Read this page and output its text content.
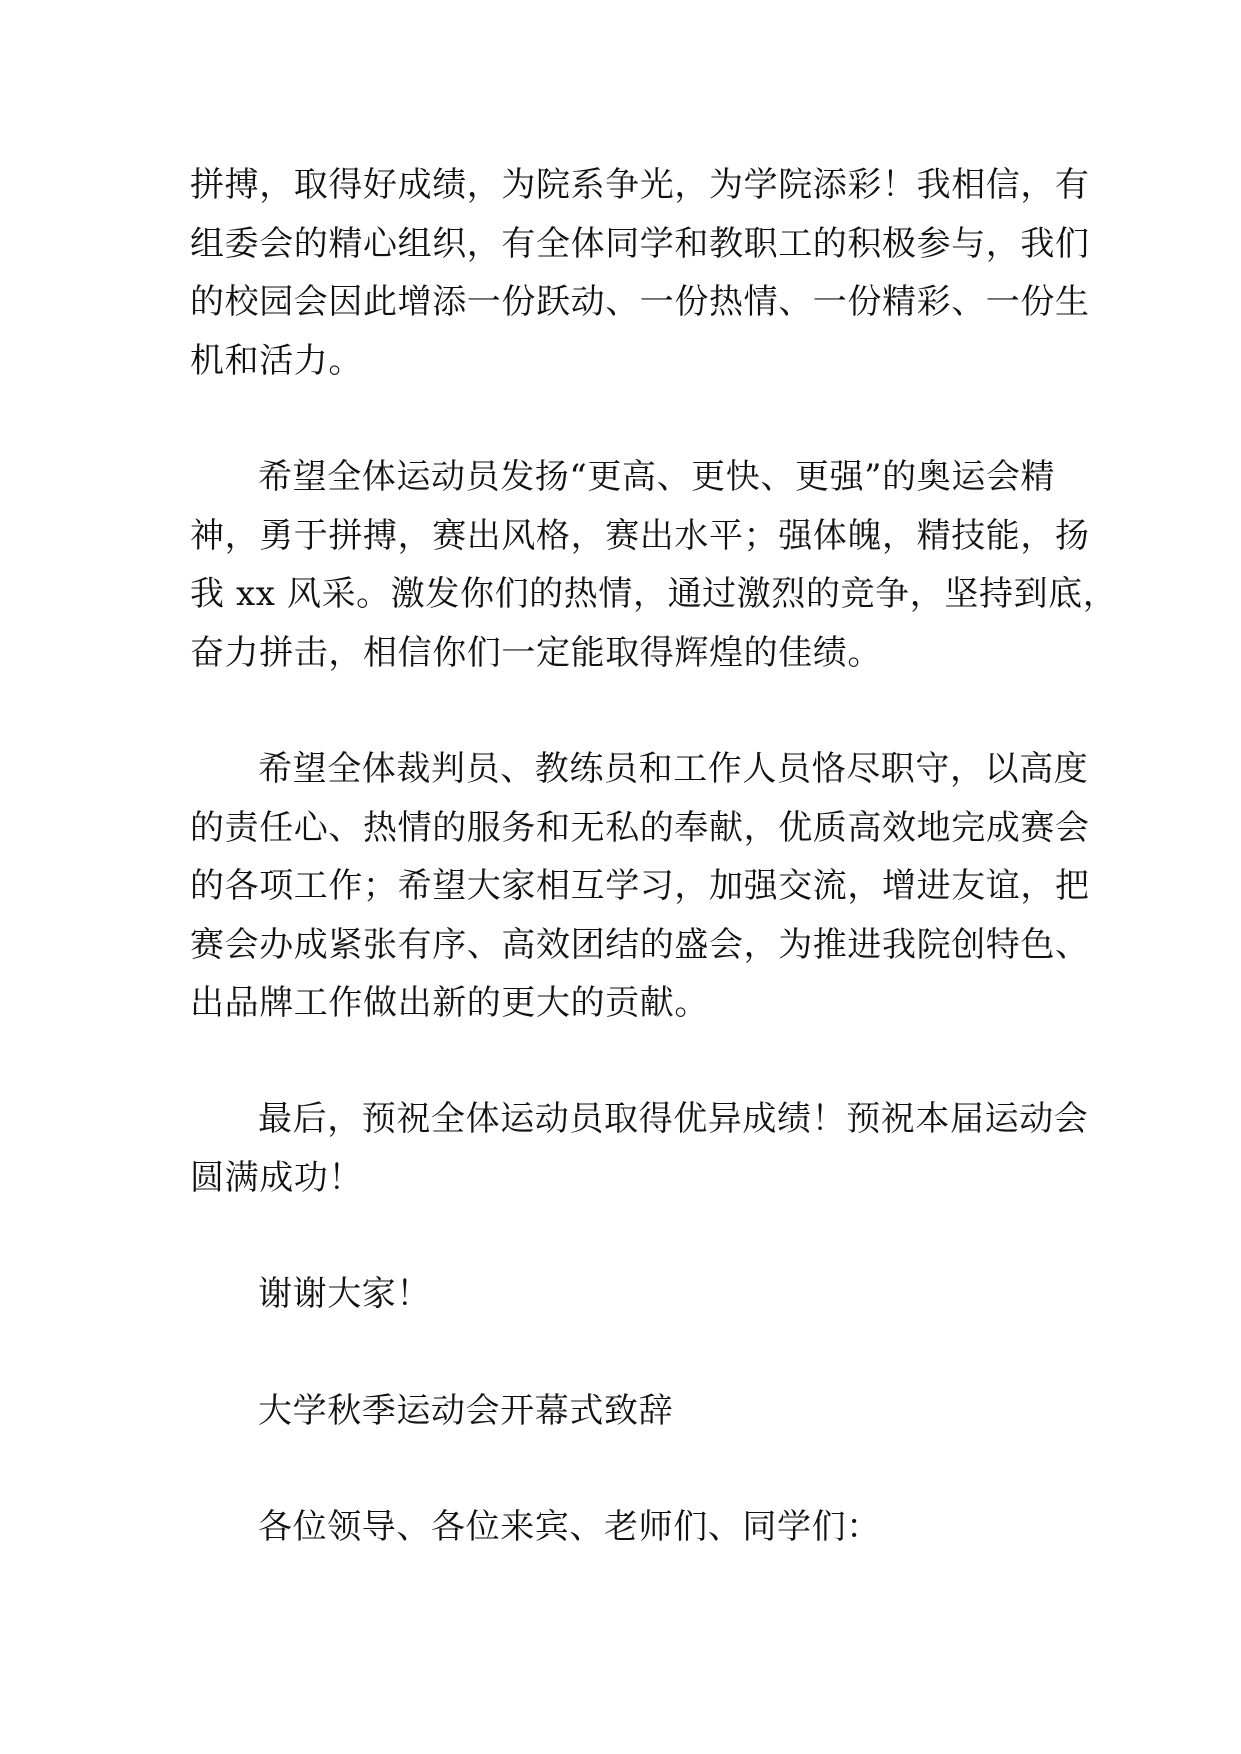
拼搏，取得好成绩，为院系争光，为学院添彩！我相信，有
组委会的精心组织，有全体同学和教职工的积极参与，我们
的校园会因此增添一份跃动、一份热情、一份精彩、一份生
机和活力。
希望全体运动员发扬“更高、更快、更强”的奥运会精
神，勇于拼搏，赛出风格，赛出水平；强体魄，精技能，扬
我 xx 风采。激发你们的热情，通过激烈的竞争，坚持到底，
奋力拼击，相信你们一定能取得辉煌的佳绩。
希望全体裁判员、教练员和工作人员恪尽职守，以高度
的责任心、热情的服务和无私的奉献，优质高效地完成赛会
的各项工作；希望大家相互学习，加强交流，增进友谊，把
赛会办成紧张有序、高效团结的盛会，为推进我院创特色、
出品牌工作做出新的更大的贡献。
最后，预祝全体运动员取得优异成绩！预祝本届运动会
圆满成功！
谢谢大家！
大学秋季运动会开幕式致辞
各位领导、各位来宾、老师们、同学们：
